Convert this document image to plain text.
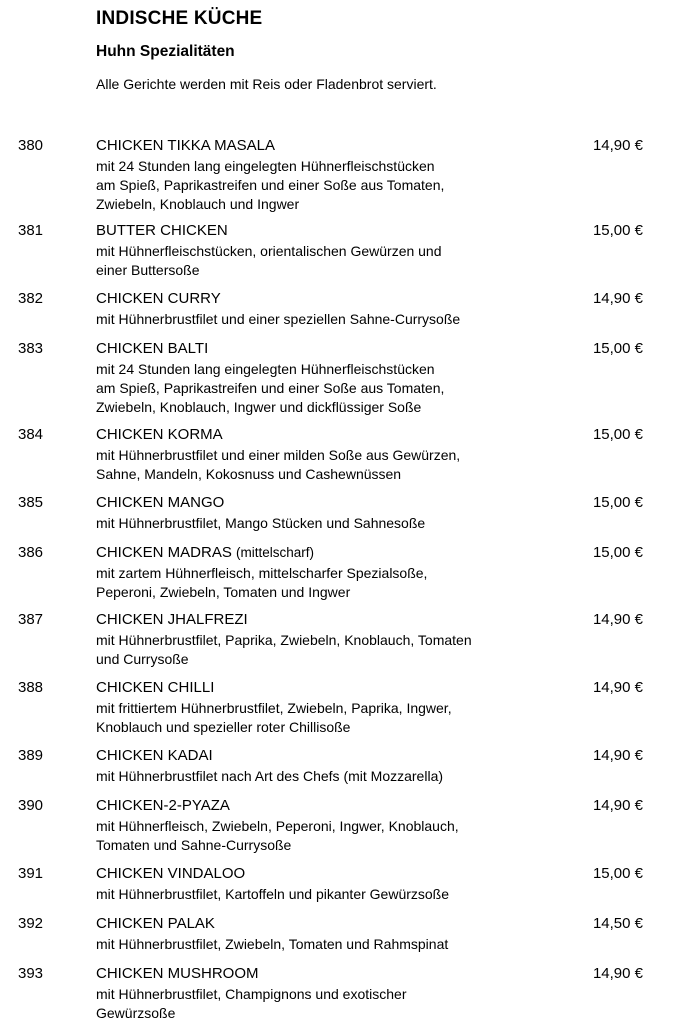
INDISCHE KÜCHE
Huhn Spezialitäten
Alle Gerichte werden mit Reis oder Fladenbrot serviert.
380	CHICKEN TIKKA MASALA	14,90 €
mit 24 Stunden lang eingelegten Hühnerfleischstücken
am Spieß, Paprikastreifen und einer Soße aus Tomaten,
Zwiebeln, Knoblauch und Ingwer
381	BUTTER CHICKEN	15,00 €
mit Hühnerfleischstücken, orientalischen Gewürzen und
einer Buttersoße
382	CHICKEN CURRY	14,90 €
mit Hühnerbrustfilet und einer speziellen Sahne-Currysoße
383	CHICKEN BALTI	15,00 €
mit 24 Stunden lang eingelegten Hühnerfleischstücken
am Spieß, Paprikastreifen und einer Soße aus Tomaten,
Zwiebeln, Knoblauch, Ingwer und dickflüssiger Soße
384	CHICKEN KORMA	15,00 €
mit Hühnerbrustfilet und einer milden Soße aus Gewürzen,
Sahne, Mandeln, Kokosnuss und Cashewnüssen
385	CHICKEN MANGO	15,00 €
mit Hühnerbrustfilet, Mango Stücken und Sahnesoße
386	CHICKEN MADRAS (mittelscharf)	15,00 €
mit zartem Hühnerfleisch, mittelscharfer Spezialsoße,
Peperoni, Zwiebeln, Tomaten und Ingwer
387	CHICKEN JHALFREZI	14,90 €
mit Hühnerbrustfilet, Paprika, Zwiebeln, Knoblauch, Tomaten
und Currysoße
388	CHICKEN CHILLI	14,90 €
mit frittiertem Hühnerbrustfilet, Zwiebeln, Paprika, Ingwer,
Knoblauch und spezieller roter Chillisoße
389	CHICKEN KADAI	14,90 €
mit Hühnerbrustfilet nach Art des Chefs (mit Mozzarella)
390	CHICKEN-2-PYAZA	14,90 €
mit Hühnerfleisch, Zwiebeln, Peperoni, Ingwer, Knoblauch,
Tomaten und Sahne-Currysoße
391	CHICKEN VINDALOO	15,00 €
mit Hühnerbrustfilet, Kartoffeln und pikanter Gewürzsoße
392	CHICKEN PALAK	14,50 €
mit Hühnerbrustfilet, Zwiebeln, Tomaten und Rahmspinat
393	CHICKEN MUSHROOM	14,90 €
mit Hühnerbrustfilet, Champignons und exotischer
Gewürzsoße
